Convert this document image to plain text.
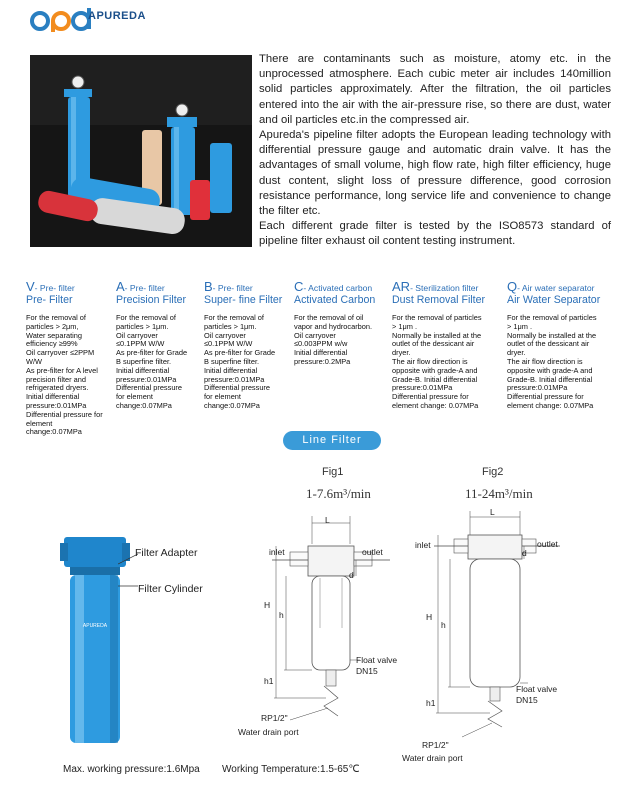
APUREDA

There are contaminants such as moisture, atomy etc. in the unprocessed atmosphere. Each cubic meter air includes 140million solid particles approximately. After the filtration, the oil particles entered into the air with the air-pressure rise, so there are dust, water and oil particles etc.in the compressed air.

Apureda's pipeline filter adopts the European leading technology with differential pressure gauge and automatic drain valve. It has the advantages of small volume, high flow rate, high filter efficiency, huge dust content, slight loss of pressure difference, good corrosion resistance performance, long service life and convenience to change the filter etc.

Each different grade filter is tested by the ISO8573 standard of pipeline filter exhaust oil content testing instrument.

V- Pre- filter
Pre- Filter
For the removal of
particles > 2μm,
Water separating
efficiency ≥99%
Oil carryover ≤2PPM
W/W
As pre-filter for A level
precision filter and
refrigerated dryers.
Initial differential
pressure:0.01MPa
Differential pressure for
element
change:0.07MPa
A- Pre- filter
Precision Filter
For the removal of
particles > 1μm.
Oil carryover
≤0.1PPM W/W
As pre-filter for Grade
B superfine filter.
Initial differential
pressure:0.01MPa
Differential pressure
for element
change:0.07MPa
B- Pre- filter
Super- fine Filter
For the removal of
particles > 1μm.
Oil carryover
≤0.1PPM W/W
As pre-filter for Grade
B superfine filter.
Initial differential
pressure:0.01MPa
Differential pressure
for element
change:0.07MPa
C- Activated carbon
Activated Carbon
For the removal of oil
vapor and hydrocarbon.
Oil carryover
≤0.003PPM w/w
Initial differential
pressure:0.2MPa
AR- Sterilization filter
Dust Removal Filter
For the removal of particles
> 1μm .
Normally be installed at the
outlet of the dessicant air
dryer.
The air flow direction is
opposite with grade-A and
Grade-B. Initial differential
pressure:0.01MPa
Differential pressure for
element change: 0.07MPa
Q- Air water separator
Air Water Separator
For the removal of particles
> 1μm .
Normally be installed at the
outlet of the dessicant air
dryer.
The air flow direction is
opposite with grade-A and
Grade-B. Initial differential
pressure:0.01MPa
Differential pressure for
element change: 0.07MPa
Line Filter
APUREDA
Filter Adapter
Filter Cylinder
Fig1
1-7.6m³/min
L
inlet	outlet
H
h
d
h1
Float valve
DN15
RP1/2"
Water drain port
Fig2
11-24m³/min
L
inlet	outlet
H
h
d
h1
Float valve
DN15
RP1/2"
Water drain port
Max. working pressure:1.6Mpa Working Temperature:1.5-65℃
